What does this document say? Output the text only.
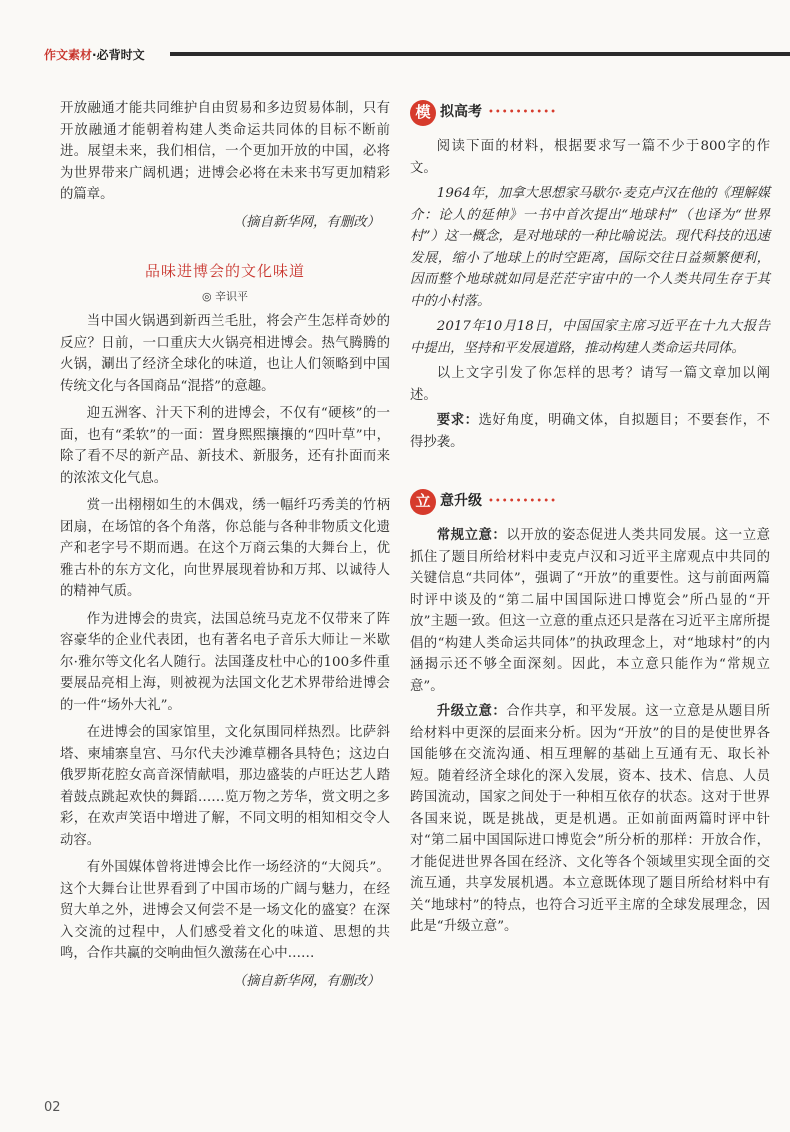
作文素材·必背时文

开放融通才能共同维护自由贸易和多边贸易体制，只有开放融通才能朝着构建人类命运共同体的目标不断前进。展望未来，我们相信，一个更加开放的中国，必将为世界带来广阔机遇；进博会必将在未来书写更加精彩的篇章。

（摘自新华网，有删改）

品味进博会的文化味道

◎ 辛识平

当中国火锅遇到新西兰毛肚，将会产生怎样奇妙的反应？日前，一口重庆大火锅亮相进博会。热气腾腾的火锅，涮出了经济全球化的味道，也让人们领略到中国传统文化与各国商品“混搭”的意趣。

迎五洲客、汁天下利的进博会，不仅有“硬核”的一面，也有“柔软”的一面：置身熙熙攘攘的“四叶草”中，除了看不尽的新产品、新技术、新服务，还有扑面而来的浓浓文化气息。

赏一出栩栩如生的木偶戏，绣一幅纤巧秀美的竹柄团扇，在场馆的各个角落，你总能与各种非物质文化遗产和老字号不期而遇。在这个万商云集的大舞台上，优雅古朴的东方文化，向世界展现着协和万邦、以诚待人的精神气质。

作为进博会的贵宾，法国总统马克龙不仅带来了阵容豪华的企业代表团，也有著名电子音乐大师让－米歇尔·雅尔等文化名人随行。法国蓬皮杜中心的100多件重要展品亮相上海，则被视为法国文化艺术界带给进博会的一件“场外大礼”。

在进博会的国家馆里，文化氛围同样热烈。比萨斜塔、柬埔寨皇宫、马尔代夫沙滩草棚各具特色；这边白俄罗斯花腔女高音深情献唱，那边盛装的卢旺达艺人踏着鼓点跳起欢快的舞蹈……览万物之芳华，赏文明之多彩，在欢声笑语中增进了解，不同文明的相知相交令人动容。

有外国媒体曾将进博会比作一场经济的“大阅兵”。这个大舞台让世界看到了中国市场的广阔与魅力，在经贸大单之外，进博会又何尝不是一场文化的盛宴？在深入交流的过程中，人们感受着文化的味道、思想的共鸣，合作共赢的交响曲恒久激荡在心中……

（摘自新华网，有删改）

模 拟高考 ••••••••••

阅读下面的材料，根据要求写一篇不少于800字的作文。

1964年，加拿大思想家马歇尔·麦克卢汉在他的《理解媒介：论人的延伸》一书中首次提出“地球村”（也译为“世界村”）这一概念，是对地球的一种比喻说法。现代科技的迅速发展，缩小了地球上的时空距离，国际交往日益频繁便利，因而整个地球就如同是茫茫宇宙中的一个人类共同生存于其中的小村落。

2017年10月18日，中国国家主席习近平在十九大报告中提出，坚持和平发展道路，推动构建人类命运共同体。

以上文字引发了你怎样的思考？请写一篇文章加以阐述。

要求：选好角度，明确文体，自拟题目；不要套作，不得抄袭。

立 意升级 ••••••••••

常规立意：以开放的姿态促进人类共同发展。这一立意抓住了题目所给材料中麦克卢汉和习近平主席观点中共同的关键信息“共同体”，强调了“开放”的重要性。这与前面两篇时评中谈及的“第二届中国国际进口博览会”所凸显的“开放”主题一致。但这一立意的重点还只是落在习近平主席所提倡的“构建人类命运共同体”的执政理念上，对“地球村”的内涵揭示还不够全面深刻。因此，本立意只能作为“常规立意”。

升级立意：合作共享，和平发展。这一立意是从题目所给材料中更深的层面来分析。因为“开放”的目的是使世界各国能够在交流沟通、相互理解的基础上互通有无、取长补短。随着经济全球化的深入发展，资本、技术、信息、人员跨国流动，国家之间处于一种相互依存的状态。这对于世界各国来说，既是挑战，更是机遇。正如前面两篇时评中针对“第二届中国国际进口博览会”所分析的那样：开放合作，才能促进世界各国在经济、文化等各个领域里实现全面的交流互通，共享发展机遇。本立意既体现了题目所给材料中有关“地球村”的特点，也符合习近平主席的全球发展理念，因此是“升级立意”。

02
